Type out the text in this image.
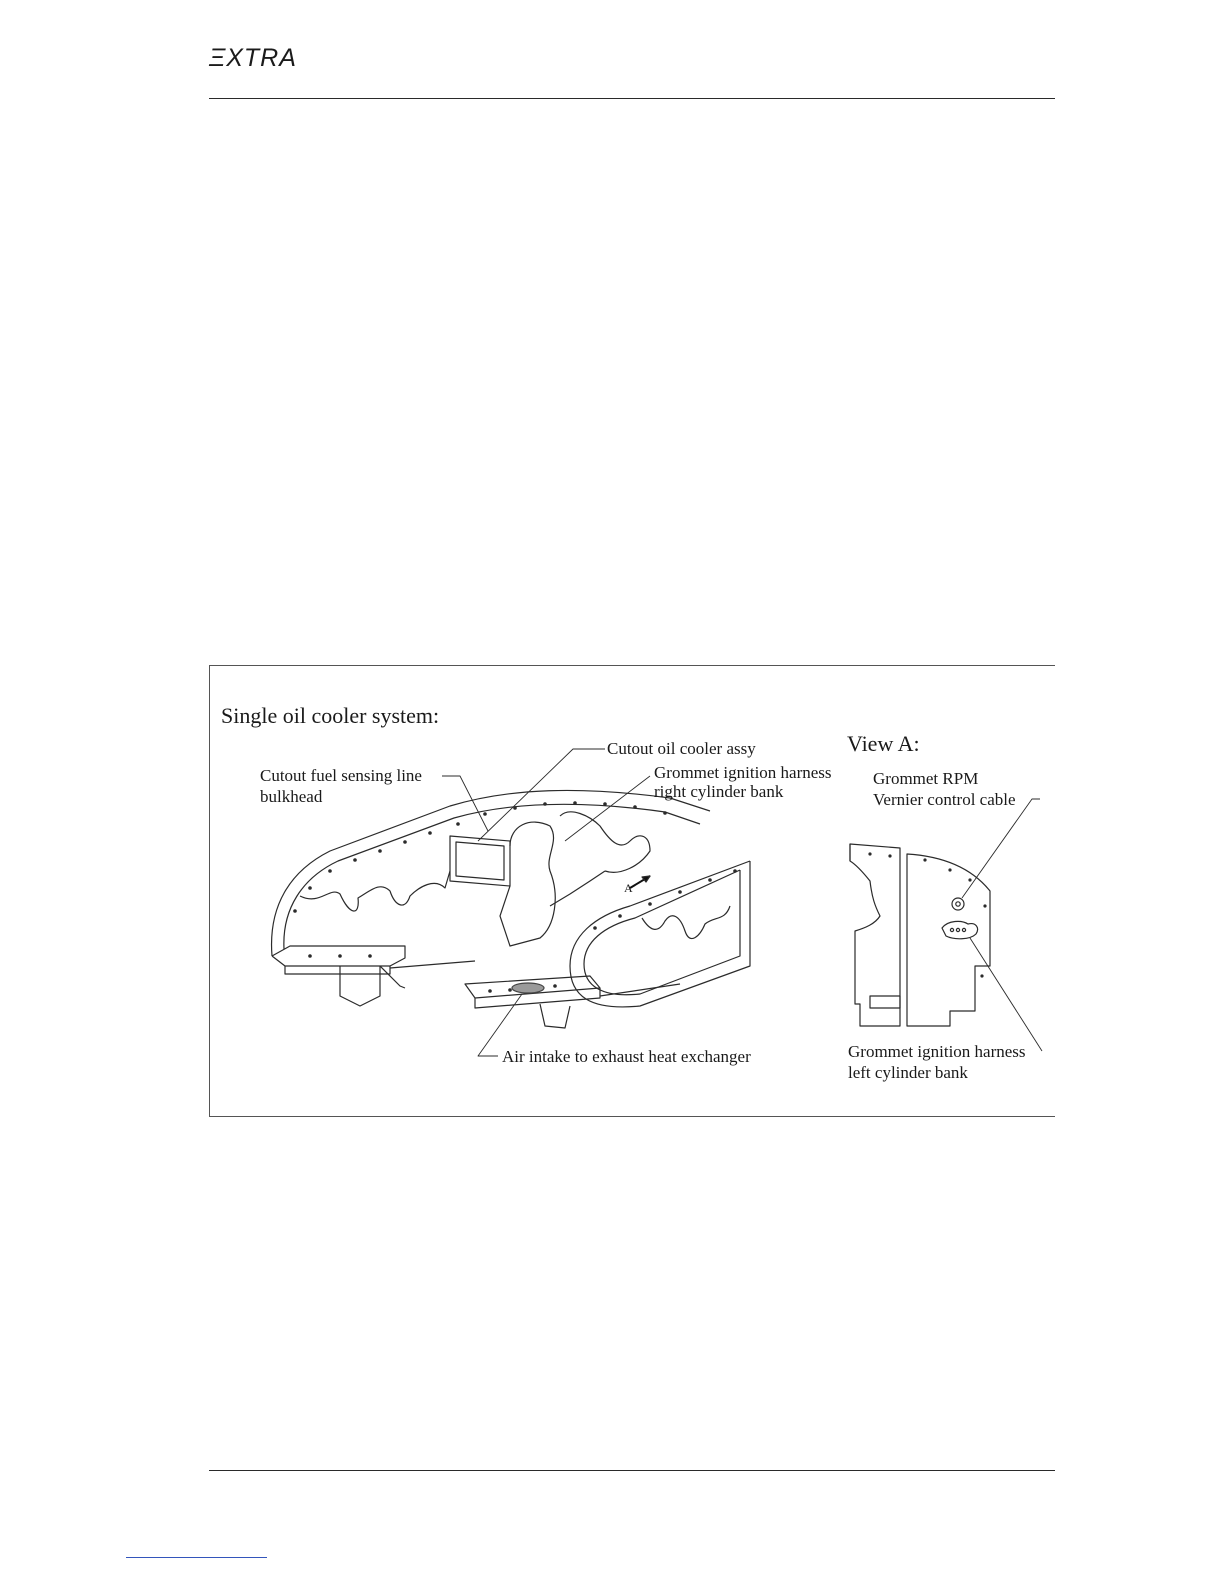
ΞXTRA
Single oil cooler system:
View A:
Cutout oil cooler assy
Cutout fuel sensing line
bulkhead
Grommet ignition harness
right cylinder bank
Grommet RPM
Vernier control cable
Air intake to exhaust heat exchanger	Grommet ignition harness
left cylinder bank
A
